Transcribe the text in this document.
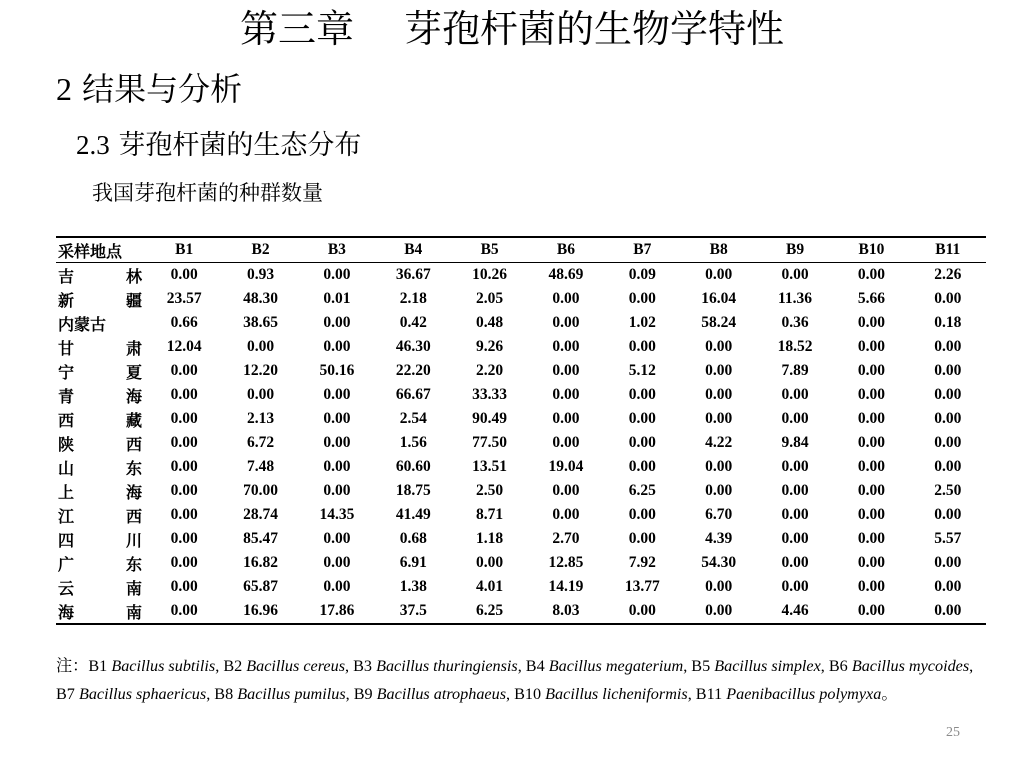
第三章　 芽孢杆菌的生物学特性
2 结果与分析
2.3 芽孢杆菌的生态分布
我国芽孢杆菌的种群数量
采样地点	B1	B2	B3	B4	B5	B6	B7	B8	B9	B10	B11

吉 林	0.00	0.93	0.00	36.67	10.26	48.69	0.09	0.00	0.00	0.00	2.26

新 疆	23.57	48.30	0.01	2.18	2.05	0.00	0.00	16.04	11.36	5.66	0.00

内 蒙 古	0.66	38.65	0.00	0.42	0.48	0.00	1.02	58.24	0.36	0.00	0.18

甘 肃	12.04	0.00	0.00	46.30	9.26	0.00	0.00	0.00	18.52	0.00	0.00

宁 夏	0.00	12.20	50.16	22.20	2.20	0.00	5.12	0.00	7.89	0.00	0.00

青 海	0.00	0.00	0.00	66.67	33.33	0.00	0.00	0.00	0.00	0.00	0.00

西 藏	0.00	2.13	0.00	2.54	90.49	0.00	0.00	0.00	0.00	0.00	0.00

陕 西	0.00	6.72	0.00	1.56	77.50	0.00	0.00	4.22	9.84	0.00	0.00

山 东	0.00	7.48	0.00	60.60	13.51	19.04	0.00	0.00	0.00	0.00	0.00

上 海	0.00	70.00	0.00	18.75	2.50	0.00	6.25	0.00	0.00	0.00	2.50

江 西	0.00	28.74	14.35	41.49	8.71	0.00	0.00	6.70	0.00	0.00	0.00

四 川	0.00	85.47	0.00	0.68	1.18	2.70	0.00	4.39	0.00	0.00	5.57

广 东	0.00	16.82	0.00	6.91	0.00	12.85	7.92	54.30	0.00	0.00	0.00

云 南	0.00	65.87	0.00	1.38	4.01	14.19	13.77	0.00	0.00	0.00	0.00

海 南	0.00	16.96	17.86	37.5	6.25	8.03	0.00	0.00	4.46	0.00	0.00
注：B1 Bacillus subtilis, B2 Bacillus cereus, B3 Bacillus thuringiensis, B4 Bacillus megaterium, B5 Bacillus simplex, B6 Bacillus mycoides, B7 Bacillus sphaericus, B8 Bacillus pumilus, B9 Bacillus atrophaeus, B10 Bacillus licheniformis, B11 Paenibacillus polymyxa。
25
